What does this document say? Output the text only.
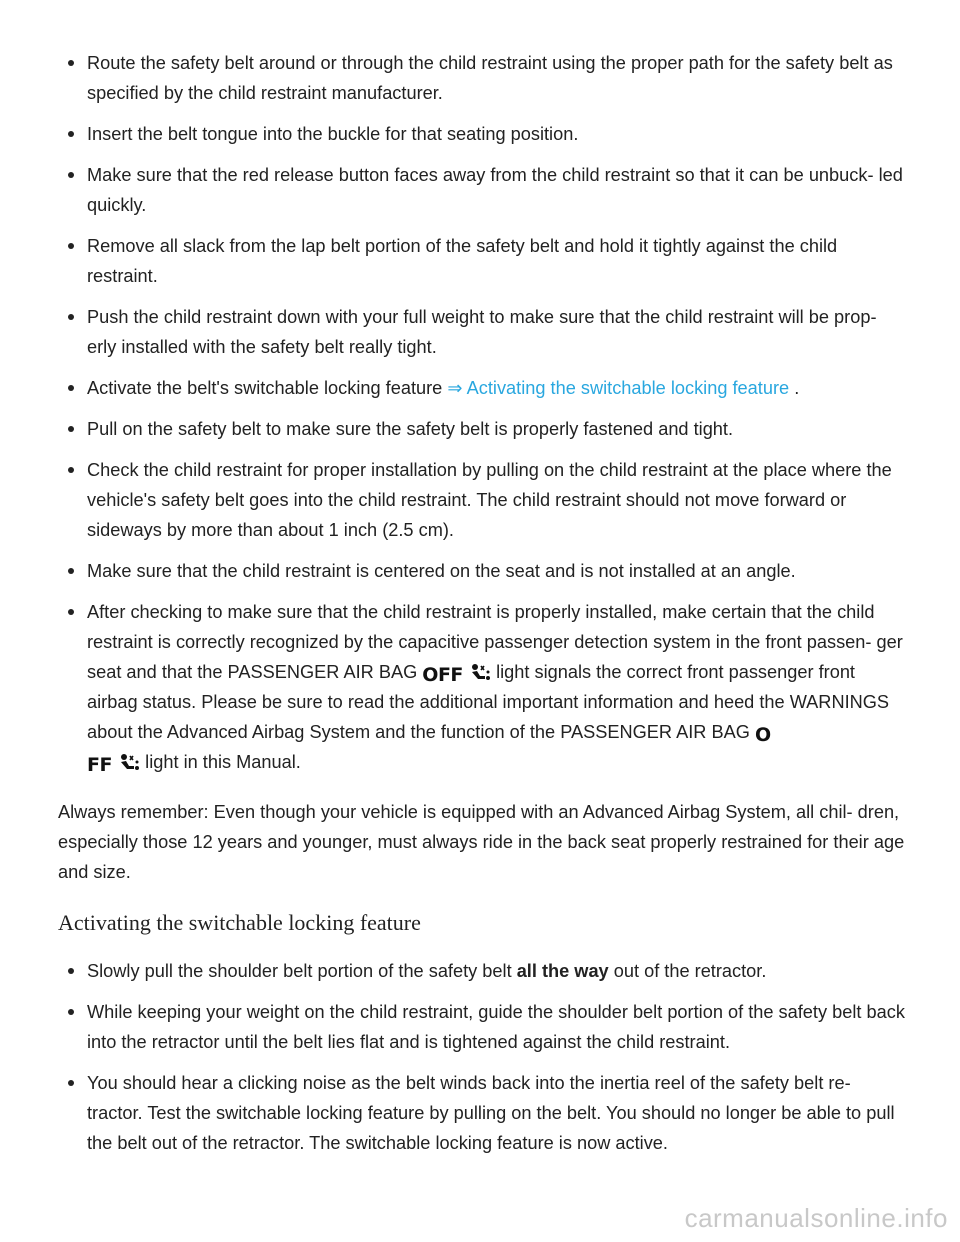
Route the safety belt around or through the child restraint using the proper path for the safety belt as specified by the child restraint manufacturer.
Insert the belt tongue into the buckle for that seating position.
Make sure that the red release button faces away from the child restraint so that it can be unbuck- led quickly.
Remove all slack from the lap belt portion of the safety belt and hold it tightly against the child restraint.
Push the child restraint down with your full weight to make sure that the child restraint will be prop- erly installed with the safety belt really tight.
Activate the belt's switchable locking feature ⇒ Activating the switchable locking feature .
Pull on the safety belt to make sure the safety belt is properly fastened and tight.
Check the child restraint for proper installation by pulling on the child restraint at the place where the vehicle's safety belt goes into the child restraint. The child restraint should not move forward or sideways by more than about 1 inch (2.5 cm).
Make sure that the child restraint is centered on the seat and is not installed at an angle.
After checking to make sure that the child restraint is properly installed, make certain that the child restraint is correctly recognized by the capacitive passenger detection system in the front passen- ger seat and that the PASSENGER AIR BAG OFF  light signals the correct front passenger front airbag status. Please be sure to read the additional important information and heed the WARNINGS about the Advanced Airbag System and the function of the PASSENGER AIR BAG O
FF  light in this Manual.

Always remember: Even though your vehicle is equipped with an Advanced Airbag System, all chil- dren, especially those 12 years and younger, must always ride in the back seat properly restrained for their age and size.

Activating the switchable locking feature
Slowly pull the shoulder belt portion of the safety belt all the way out of the retractor.
While keeping your weight on the child restraint, guide the shoulder belt portion of the safety belt back into the retractor until the belt lies flat and is tightened against the child restraint.
You should hear a clicking noise as the belt winds back into the inertia reel of the safety belt re- tractor. Test the switchable locking feature by pulling on the belt. You should no longer be able to pull the belt out of the retractor. The switchable locking feature is now active.
carmanualsonline.info
